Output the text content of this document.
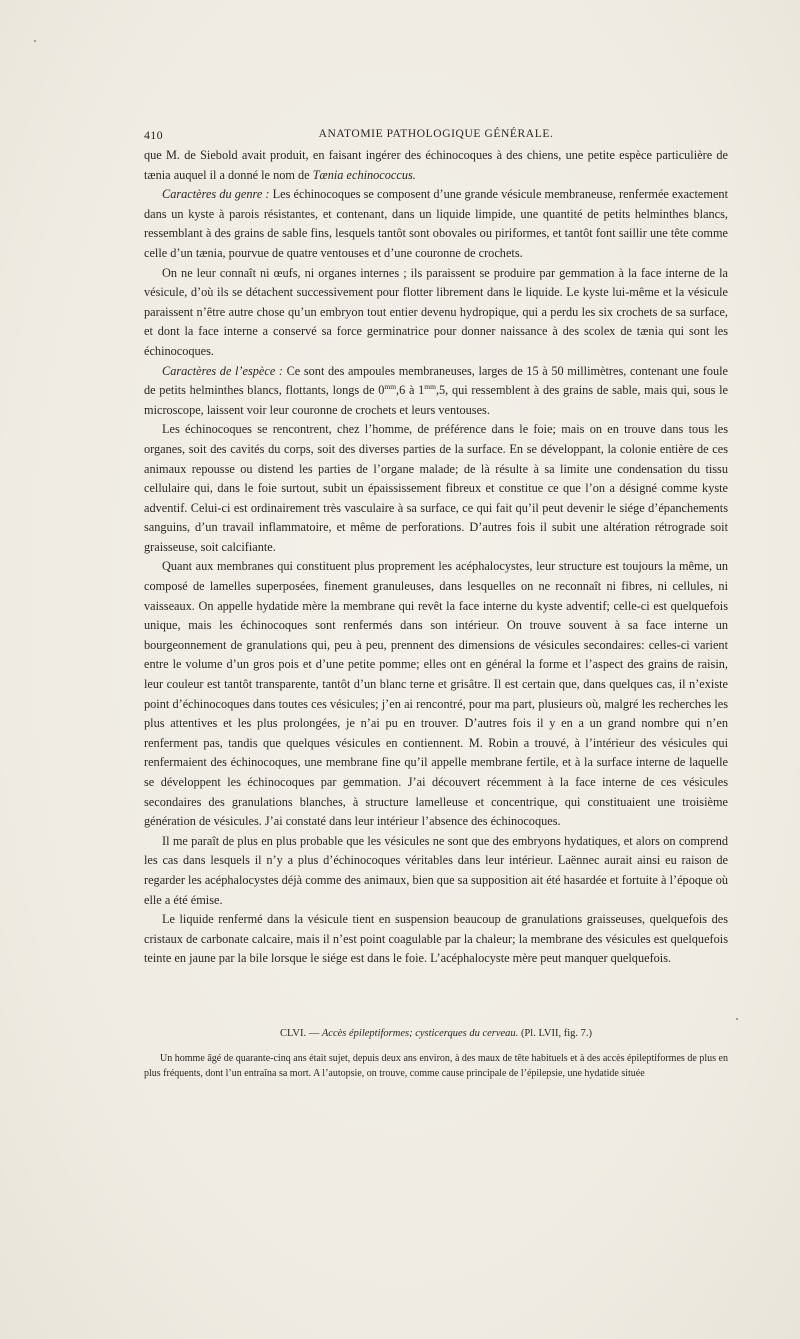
410	ANATOMIE PATHOLOGIQUE GÉNÉRALE.

que M. de Siebold avait produit, en faisant ingérer des échinocoques à des chiens, une petite espèce particulière de tænia auquel il a donné le nom de Tænia echinococcus.

Caractères du genre : Les échinocoques se composent d’une grande vésicule membraneuse, renfermée exactement dans un kyste à parois résistantes, et contenant, dans un liquide limpide, une quantité de petits helminthes blancs, ressemblant à des grains de sable fins, lesquels tantôt sont obovales ou piriformes, et tantôt font saillir une tête comme celle d’un tænia, pourvue de quatre ventouses et d’une couronne de crochets.

On ne leur connaît ni œufs, ni organes internes ; ils paraissent se produire par gemmation à la face interne de la vésicule, d’où ils se détachent successivement pour flotter librement dans le liquide. Le kyste lui-même et la vésicule paraissent n’être autre chose qu’un embryon tout entier devenu hydropique, qui a perdu les six crochets de sa surface, et dont la face interne a conservé sa force germinatrice pour donner naissance à des scolex de tænia qui sont les échinocoques.

Caractères de l’espèce : Ce sont des ampoules membraneuses, larges de 15 à 50 millimètres, contenant une foule de petits helminthes blancs, flottants, longs de $0^{mm},6$ à $1^{mm},5$, qui ressemblent à des grains de sable, mais qui, sous le microscope, laissent voir leur couronne de crochets et leurs ventouses.

Les échinocoques se rencontrent, chez l’homme, de préférence dans le foie; mais on en trouve dans tous les organes, soit des cavités du corps, soit des diverses parties de la surface. En se développant, la colonie entière de ces animaux repousse ou distend les parties de l’organe malade; de là résulte à sa limite une condensation du tissu cellulaire qui, dans le foie surtout, subit un épaississement fibreux et constitue ce que l’on a désigné comme kyste adventif. Celui-ci est ordinairement très vasculaire à sa surface, ce qui fait qu’il peut devenir le siége d’épanchements sanguins, d’un travail inflammatoire, et même de perforations. D’autres fois il subit une altération rétrograde soit graisseuse, soit calcifiante.

Quant aux membranes qui constituent plus proprement les acéphalocystes, leur structure est toujours la même, un composé de lamelles superposées, finement granuleuses, dans lesquelles on ne reconnaît ni fibres, ni cellules, ni vaisseaux. On appelle hydatide mère la membrane qui revêt la face interne du kyste adventif; celle-ci est quelquefois unique, mais les échinocoques sont renfermés dans son intérieur. On trouve souvent à sa face interne un bourgeonnement de granulations qui, peu à peu, prennent des dimensions de vésicules secondaires: celles-ci varient entre le volume d’un gros pois et d’une petite pomme; elles ont en général la forme et l’aspect des grains de raisin, leur couleur est tantôt transparente, tantôt d’un blanc terne et grisâtre. Il est certain que, dans quelques cas, il n’existe point d’échinocoques dans toutes ces vésicules; j’en ai rencontré, pour ma part, plusieurs où, malgré les recherches les plus attentives et les plus prolongées, je n’ai pu en trouver. D’autres fois il y en a un grand nombre qui n’en renferment pas, tandis que quelques vésicules en contiennent. M. Robin a trouvé, à l’intérieur des vésicules qui renfermaient des échinocoques, une membrane fine qu’il appelle membrane fertile, et à la surface interne de laquelle se développent les échinocoques par gemmation. J’ai découvert récemment à la face interne de ces vésicules secondaires des granulations blanches, à structure lamelleuse et concentrique, qui constituaient une troisième génération de vésicules. J’ai constaté dans leur intérieur l’absence des échinocoques.

Il me paraît de plus en plus probable que les vésicules ne sont que des embryons hydatiques, et alors on comprend les cas dans lesquels il n’y a plus d’échinocoques véritables dans leur intérieur. Laënnec aurait ainsi eu raison de regarder les acéphalocystes déjà comme des animaux, bien que sa supposition ait été hasardée et fortuite à l’époque où elle a été émise.

Le liquide renfermé dans la vésicule tient en suspension beaucoup de granulations graisseuses, quelquefois des cristaux de carbonate calcaire, mais il n’est point coagulable par la chaleur; la membrane des vésicules est quelquefois teinte en jaune par la bile lorsque le siége est dans le foie. L’acéphalocyste mère peut manquer quelquefois.

CLVI. — Accès épileptiformes; cysticerques du cerveau. (Pl. LVII, fig. 7.)

Un homme âgé de quarante-cinq ans était sujet, depuis deux ans environ, à des maux de tête habituels et à des accès épileptiformes de plus en plus fréquents, dont l’un entraîna sa mort. A l’autopsie, on trouve, comme cause principale de l’épilepsie, une hydatide située
